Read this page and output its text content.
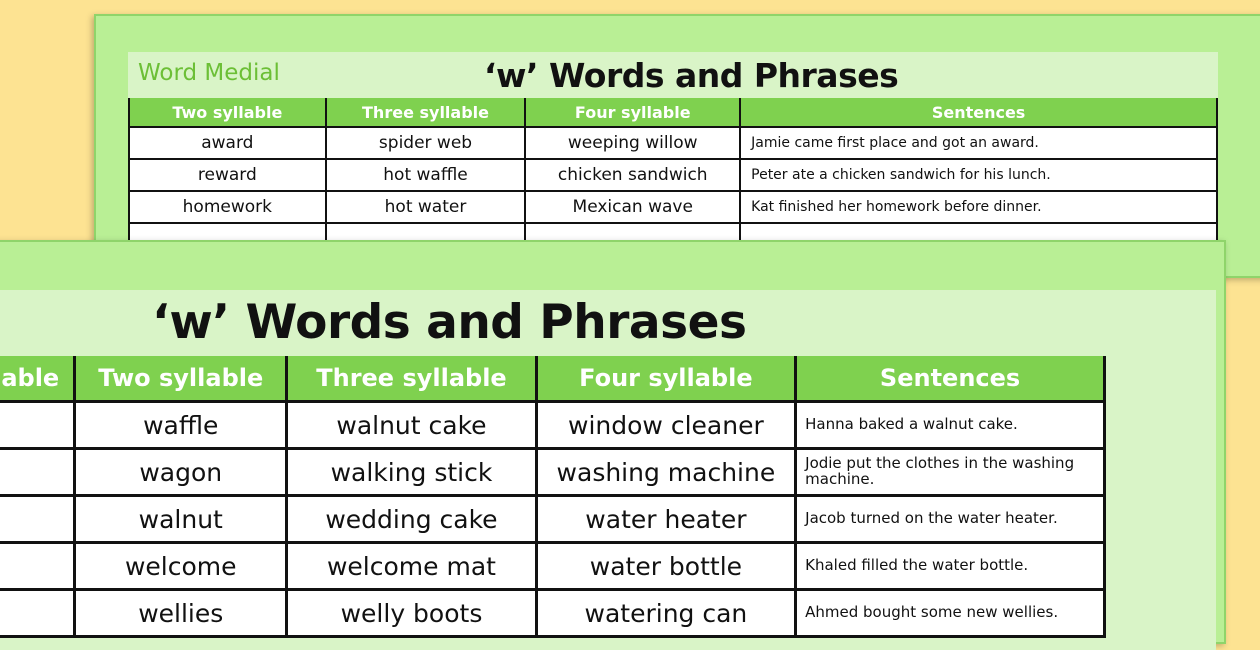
Word Medial	‘w’ Words and Phrases
Two syllable	Three syllable	Four syllable	Sentences
award	spider web	weeping willow	Jamie came first place and got an award.
reward	hot waffle	chicken sandwich	Peter ate a chicken sandwich for his lunch.
homework	hot water	Mexican wave	Kat finished her homework before dinner.

‘w’ Words and Phrases
able	Two syllable	Three syllable	Four syllable	Sentences
	waffle	walnut cake	window cleaner	Hanna baked a walnut cake.
	wagon	walking stick	washing machine	Jodie put the clothes in the washing machine.
	walnut	wedding cake	water heater	Jacob turned on the water heater.
	welcome	welcome mat	water bottle	Khaled filled the water bottle.
	wellies	welly boots	watering can	Ahmed bought some new wellies.
